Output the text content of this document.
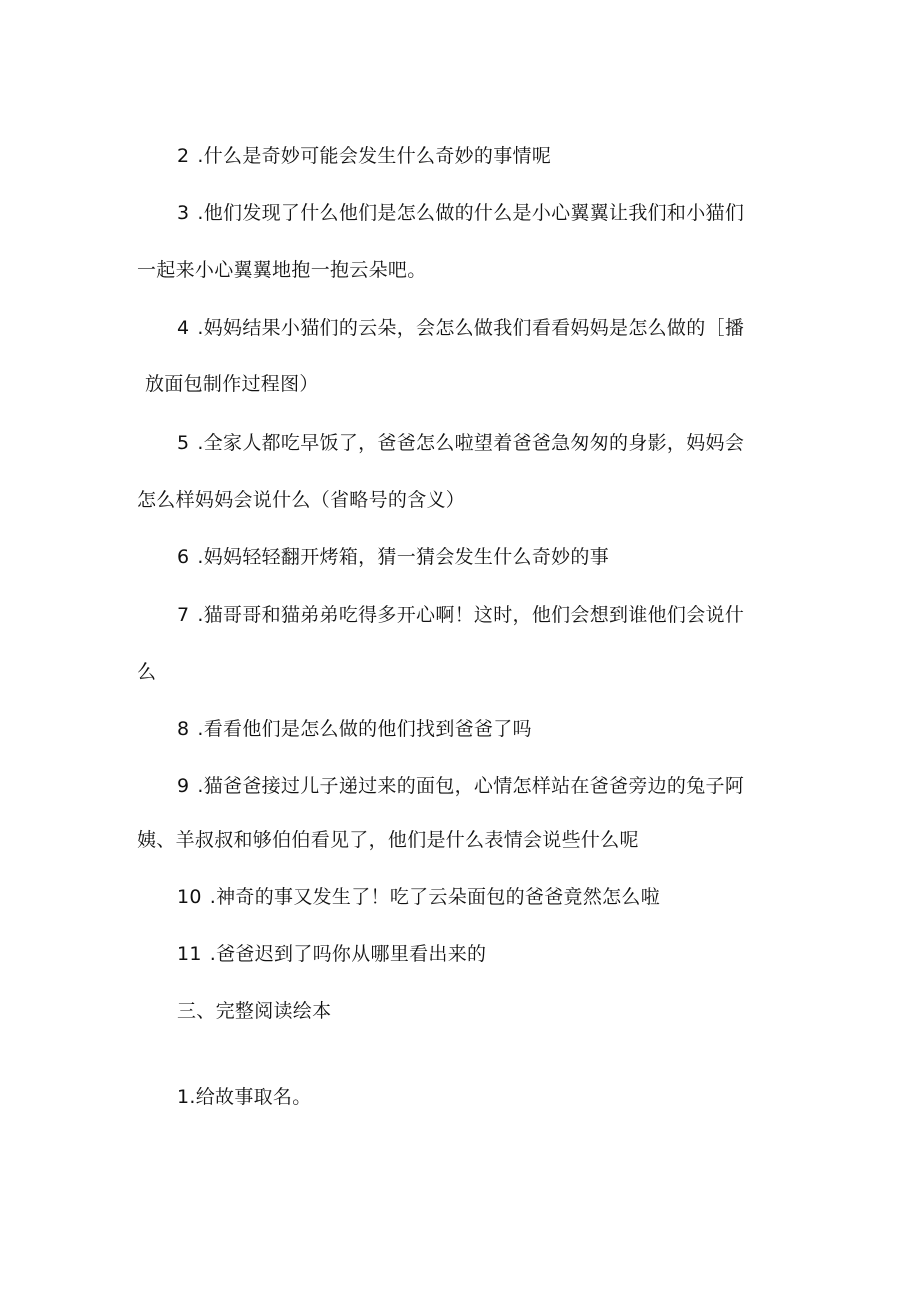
2 .什么是奇妙可能会发生什么奇妙的事情呢
3 .他们发现了什么他们是怎么做的什么是小心翼翼让我们和小猫们
一起来小心翼翼地抱一抱云朵吧。
4 .妈妈结果小猫们的云朵，会怎么做我们看看妈妈是怎么做的［播
放面包制作过程图）
5 .全家人都吃早饭了，爸爸怎么啦望着爸爸急匆匆的身影，妈妈会
怎么样妈妈会说什么（省略号的含义）
6 .妈妈轻轻翻开烤箱，猜一猜会发生什么奇妙的事
7 .猫哥哥和猫弟弟吃得多开心啊！这时，他们会想到谁他们会说什
么
8 .看看他们是怎么做的他们找到爸爸了吗
9 .猫爸爸接过儿子递过来的面包，心情怎样站在爸爸旁边的兔子阿
姨、羊叔叔和够伯伯看见了，他们是什么表情会说些什么呢
10 .神奇的事又发生了！吃了云朵面包的爸爸竟然怎么啦
11 .爸爸迟到了吗你从哪里看出来的
三、完整阅读绘本
1.给故事取名。
